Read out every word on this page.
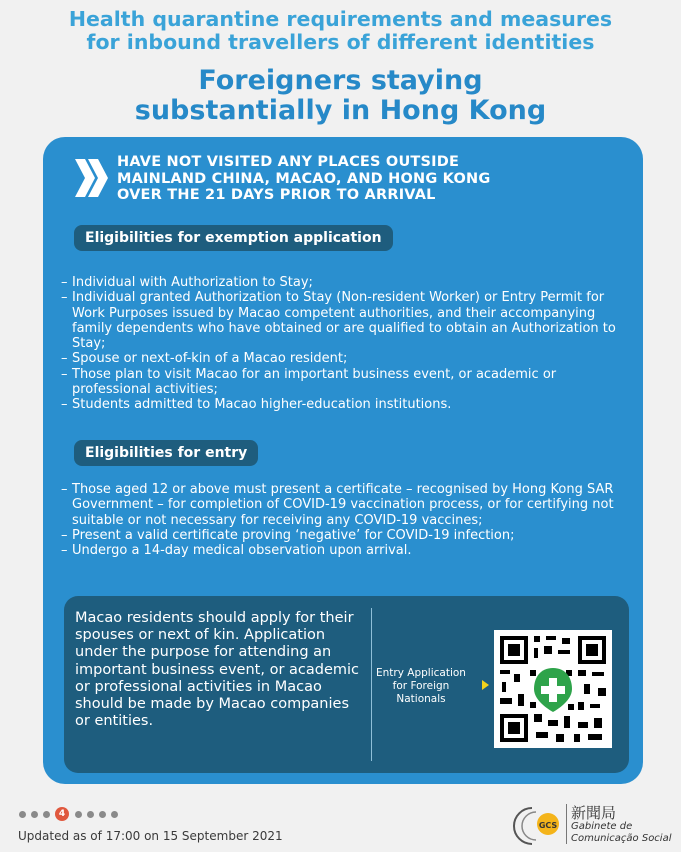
Health quarantine requirements and measures
for inbound travellers of different identities
Foreigners staying
substantially in Hong Kong
HAVE NOT VISITED ANY PLACES OUTSIDE
MAINLAND CHINA, MACAO, AND HONG KONG
OVER THE 21 DAYS PRIOR TO ARRIVAL
Eligibilities for exemption application
– Individual with Authorization to Stay;
– Individual granted Authorization to Stay (Non-resident Worker) or Entry Permit for Work Purposes issued by Macao competent authorities, and their accompanying family dependents who have obtained or are qualified to obtain an Authorization to Stay;
– Spouse or next-of-kin of a Macao resident;
– Those plan to visit Macao for an important business event, or academic or professional activities;
– Students admitted to Macao higher-education institutions.
Eligibilities for entry
– Those aged 12 or above must present a certificate – recognised by Hong Kong SAR Government – for completion of COVID-19 vaccination process, or for certifying not suitable or not necessary for receiving any COVID-19 vaccines;
– Present a valid certificate proving ‘negative’ for COVID-19 infection;
– Undergo a 14-day medical observation upon arrival.
Macao residents should apply for their spouses or next of kin. Application under the purpose for attending an important business event, or academic or professional activities in Macao should be made by Macao companies or entities.
Entry Application for Foreign Nationals
4
Updated as of 17:00 on 15 September 2021
GCS
新聞局
Gabinete de
Comunicação Social
